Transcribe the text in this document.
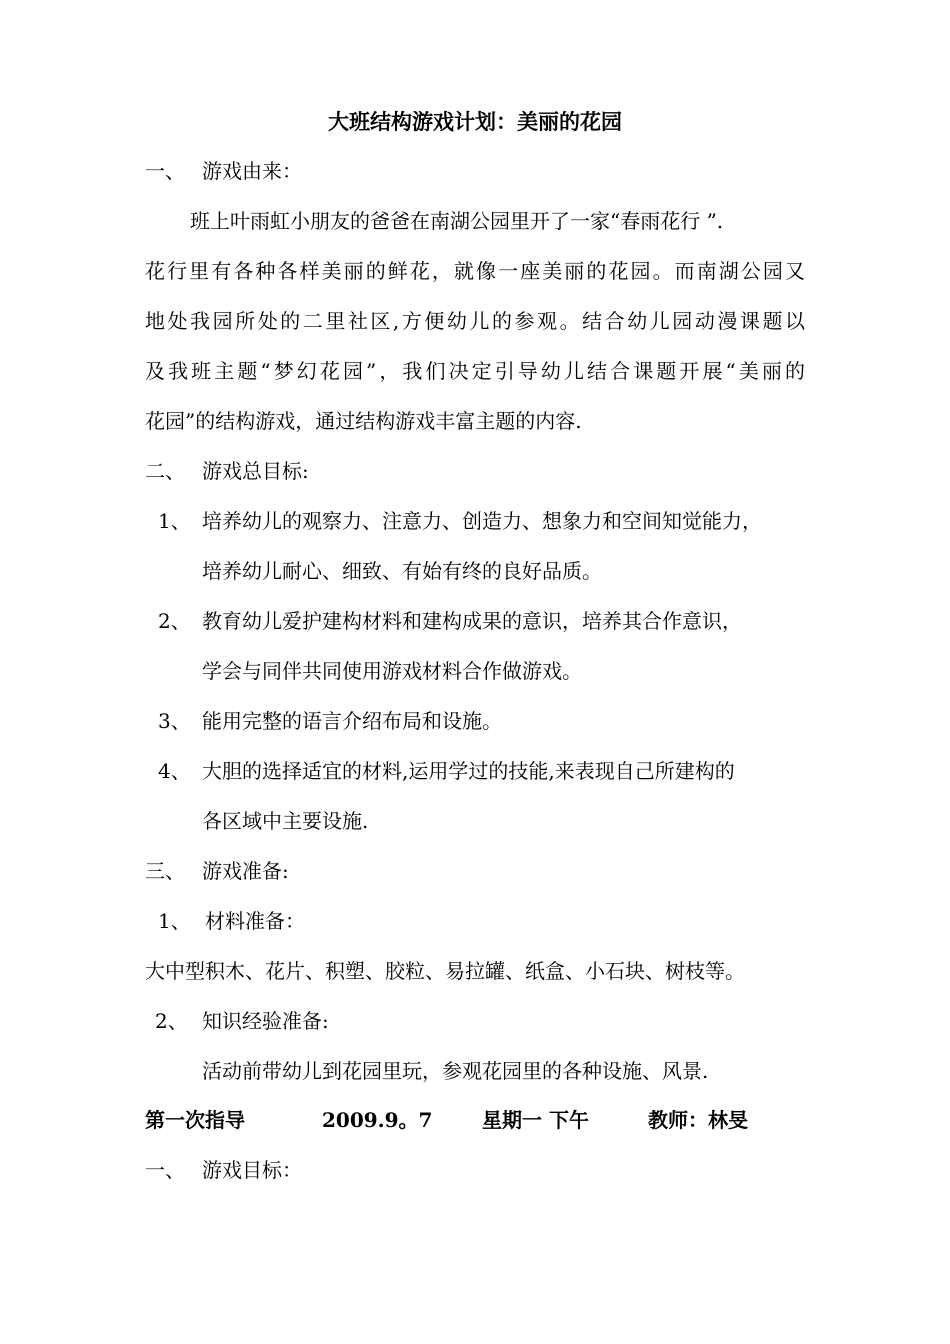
大班结构游戏计划：美丽的花园
一、 游戏由来：
班上叶雨虹小朋友的爸爸在南湖公园里开了一家“春雨花行 ”.
花行里有各种各样美丽的鲜花，就像一座美丽的花园。而南湖公园又
地处我园所处的二里社区,方便幼儿的参观。结合幼儿园动漫课题以
及我班主题“梦幻花园”，我们决定引导幼儿结合课题开展“美丽的
花园”的结构游戏，通过结构游戏丰富主题的内容.
二、 游戏总目标:
1、 培养幼儿的观察力、注意力、创造力、想象力和空间知觉能力，
培养幼儿耐心、细致、有始有终的良好品质。
2、 教育幼儿爱护建构材料和建构成果的意识，培养其合作意识，
学会与同伴共同使用游戏材料合作做游戏。
3、 能用完整的语言介绍布局和设施。
4、 大胆的选择适宜的材料,运用学过的技能,来表现自己所建构的
各区域中主要设施.
三、 游戏准备:
1、 材料准备：
大中型积木、花片、积塑、胶粒、易拉罐、纸盒、小石块、树枝等。
2、 知识经验准备:
活动前带幼儿到花园里玩，参观花园里的各种设施、风景.
第一次指导	2009.9。7 星期一 下午	教师：林旻
一、 游戏目标：
